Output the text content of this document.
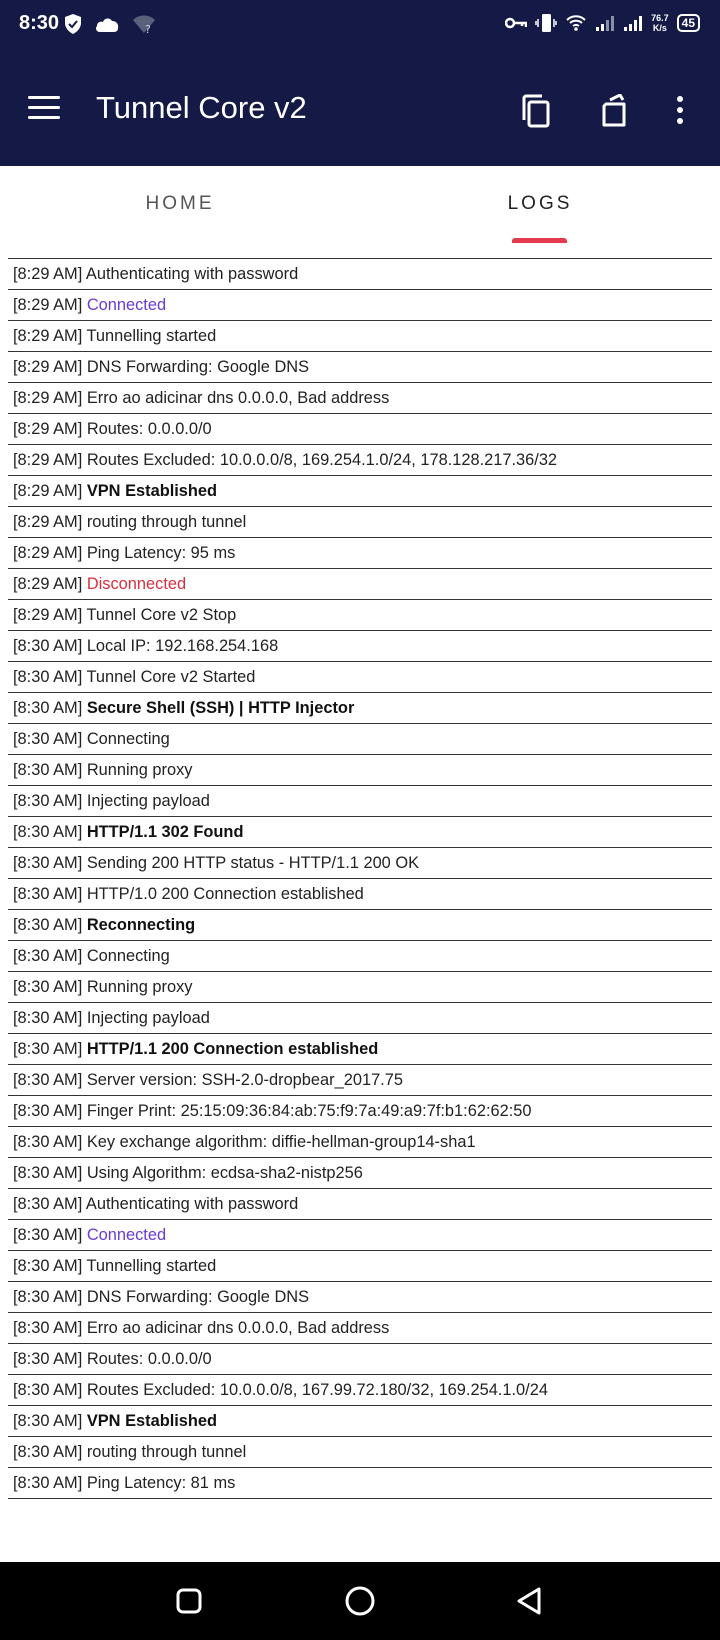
8:30	?
76.7
K/s	45
Tunnel Core v2
HOME	LOGS
[8:29 AM] Authenticating with password
[8:29 AM] Connected
[8:29 AM] Tunnelling started
[8:29 AM] DNS Forwarding: Google DNS
[8:29 AM] Erro ao adicinar dns 0.0.0.0, Bad address
[8:29 AM] Routes: 0.0.0.0/0
[8:29 AM] Routes Excluded: 10.0.0.0/8, 169.254.1.0/24, 178.128.217.36/32
[8:29 AM] VPN Established
[8:29 AM] routing through tunnel
[8:29 AM] Ping Latency: 95 ms
[8:29 AM] Disconnected
[8:29 AM] Tunnel Core v2 Stop
[8:30 AM] Local IP: 192.168.254.168
[8:30 AM] Tunnel Core v2 Started
[8:30 AM] Secure Shell (SSH) | HTTP Injector
[8:30 AM] Connecting
[8:30 AM] Running proxy
[8:30 AM] Injecting payload
[8:30 AM] HTTP/1.1 302 Found
[8:30 AM] Sending 200 HTTP status - HTTP/1.1 200 OK
[8:30 AM] HTTP/1.0 200 Connection established
[8:30 AM] Reconnecting
[8:30 AM] Connecting
[8:30 AM] Running proxy
[8:30 AM] Injecting payload
[8:30 AM] HTTP/1.1 200 Connection established
[8:30 AM] Server version: SSH-2.0-dropbear_2017.75
[8:30 AM] Finger Print: 25:15:09:36:84:ab:75:f9:7a:49:a9:7f:b1:62:62:50
[8:30 AM] Key exchange algorithm: diffie-hellman-group14-sha1
[8:30 AM] Using Algorithm: ecdsa-sha2-nistp256
[8:30 AM] Authenticating with password
[8:30 AM] Connected
[8:30 AM] Tunnelling started
[8:30 AM] DNS Forwarding: Google DNS
[8:30 AM] Erro ao adicinar dns 0.0.0.0, Bad address
[8:30 AM] Routes: 0.0.0.0/0
[8:30 AM] Routes Excluded: 10.0.0.0/8, 167.99.72.180/32, 169.254.1.0/24
[8:30 AM] VPN Established
[8:30 AM] routing through tunnel
[8:30 AM] Ping Latency: 81 ms
